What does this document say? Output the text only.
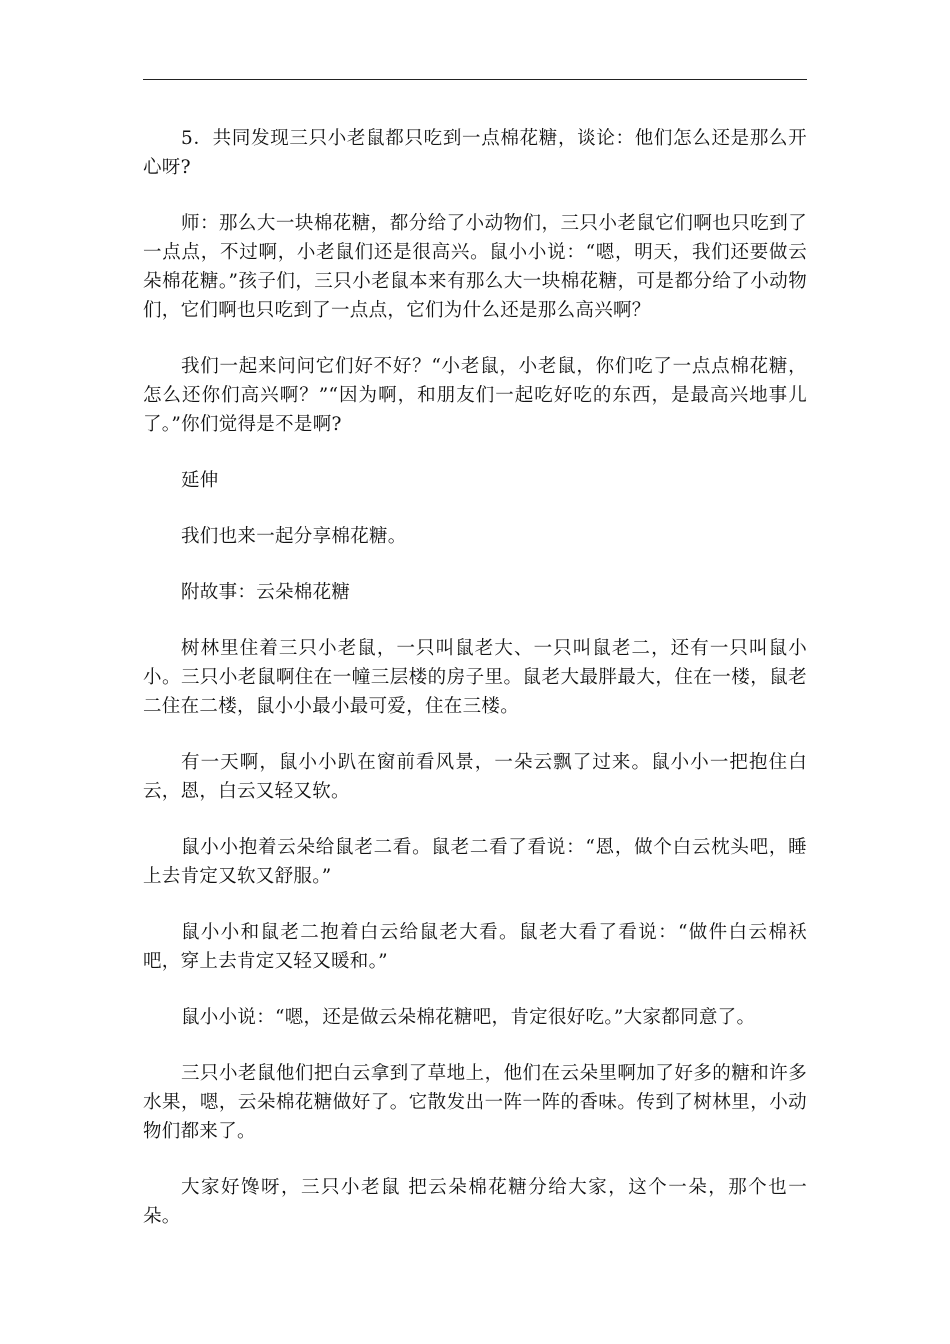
5．共同发现三只小老鼠都只吃到一点棉花糖，谈论：他们怎么还是那么开心呀?

师：那么大一块棉花糖，都分给了小动物们，三只小老鼠它们啊也只吃到了一点点，不过啊，小老鼠们还是很高兴。鼠小小说：“嗯，明天，我们还要做云朵棉花糖。”孩子们，三只小老鼠本来有那么大一块棉花糖，可是都分给了小动物们，它们啊也只吃到了一点点，它们为什么还是那么高兴啊？

我们一起来问问它们好不好？“小老鼠，小老鼠，你们吃了一点点棉花糖，怎么还你们高兴啊？”“因为啊，和朋友们一起吃好吃的东西，是最高兴地事儿了。”你们觉得是不是啊?

延伸

我们也来一起分享棉花糖。

附故事：云朵棉花糖

树林里住着三只小老鼠，一只叫鼠老大、一只叫鼠老二，还有一只叫鼠小小。三只小老鼠啊住在一幢三层楼的房子里。鼠老大最胖最大，住在一楼，鼠老二住在二楼，鼠小小最小最可爱，住在三楼。

有一天啊，鼠小小趴在窗前看风景，一朵云飘了过来。鼠小小一把抱住白云，恩，白云又轻又软。

鼠小小抱着云朵给鼠老二看。鼠老二看了看说：“恩，做个白云枕头吧，睡上去肯定又软又舒服。”

鼠小小和鼠老二抱着白云给鼠老大看。鼠老大看了看说：“做件白云棉袄吧，穿上去肯定又轻又暖和。”

鼠小小说：“嗯，还是做云朵棉花糖吧，肯定很好吃。”大家都同意了。

三只小老鼠他们把白云拿到了草地上，他们在云朵里啊加了好多的糖和许多水果，嗯，云朵棉花糖做好了。它散发出一阵一阵的香味。传到了树林里，小动物们都来了。

大家好馋呀，三只小老鼠 把云朵棉花糖分给大家，这个一朵，那个也一朵。
